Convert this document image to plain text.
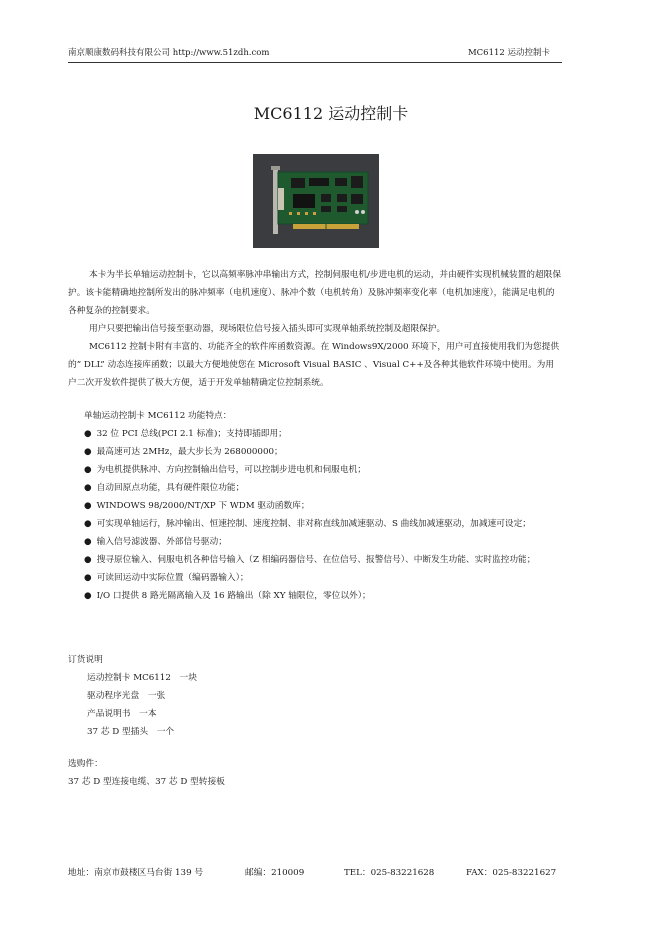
南京顺康数码科技有限公司 http://www.51zdh.com	MC6112 运动控制卡
MC6112 运动控制卡

本卡为半长单轴运动控制卡，它以高频率脉冲串输出方式，控制伺服电机/步进电机的运动，并由硬件实现机械装置的超限保护。该卡能精确地控制所发出的脉冲频率（电机速度）、脉冲个数（电机转角）及脉冲频率变化率（电机加速度），能满足电机的各种复杂的控制要求。

用户只要把输出信号接至驱动器，现场限位信号接入插头即可实现单轴系统控制及超限保护。

MC6112 控制卡附有丰富的、功能齐全的软件库函数资源。在 Windows9X/2000 环境下，用户可直接使用我们为您提供的” DLL” 动态连接库函数；以最大方便地使您在 Microsoft Visual BASIC 、Visual C++及各种其他软件环境中使用。为用户二次开发软件提供了极大方便，适于开发单轴精确定位控制系统。

单轴运动控制卡 MC6112 功能特点：

● 32 位 PCI 总线(PCI 2.1 标准)；支持即插即用；

● 最高速可达 2MHz，最大步长为 268000000；

● 为电机提供脉冲、方向控制输出信号，可以控制步进电机和伺服电机；

● 自动回原点功能，具有硬件限位功能；

● WINDOWS 98/2000/NT/XP 下 WDM 驱动函数库；

● 可实现单轴运行，脉冲输出、恒速控制、速度控制、非对称直线加减速驱动、S 曲线加减速驱动，加减速可设定；

● 输入信号滤波器、外部信号驱动；

● 搜寻原位输入、伺服电机各种信号输入（Z 相编码器信号、在位信号、报警信号）、中断发生功能、实时监控功能；

● 可读回运动中实际位置（编码器输入）；

● I/O 口提供 8 路光隔离输入及 16 路输出（除 XY 轴限位，零位以外）；

订货说明

运动控制卡 MC6112　一块

驱动程序光盘　一张

产品说明书　一本

37 芯 D 型插头　一个

选购件：

37 芯 D 型连接电缆、37 芯 D 型转接板

地址：南京市鼓楼区马台街 139 号	邮编：210009	TEL：025-83221628	FAX：025-83221627
